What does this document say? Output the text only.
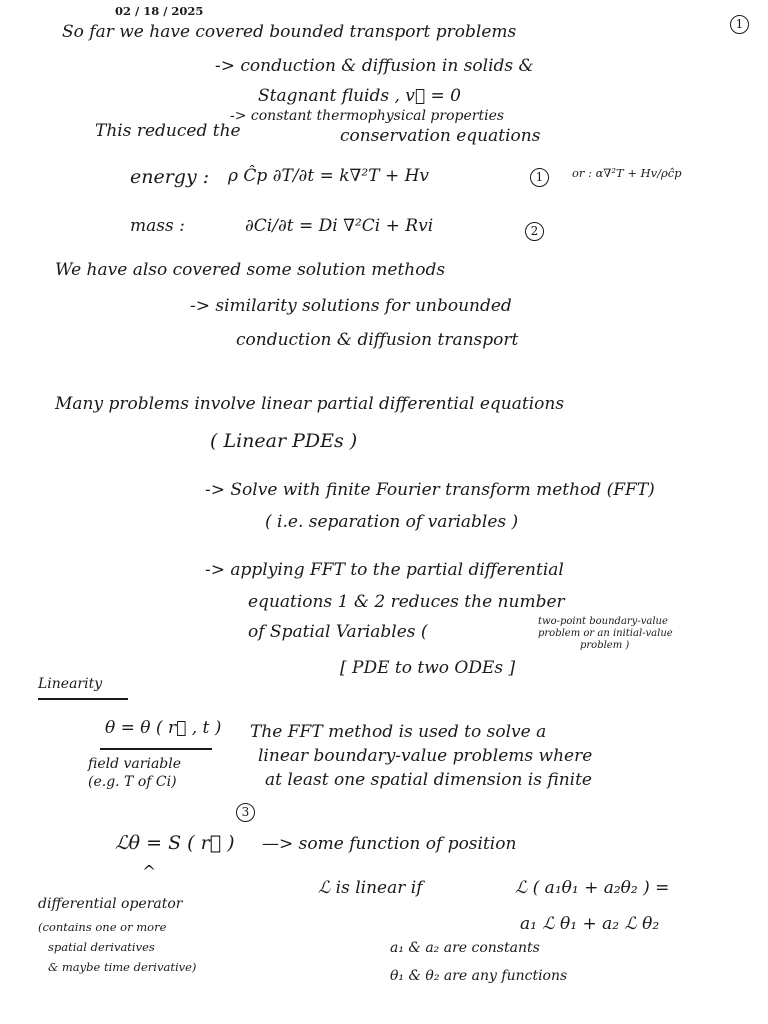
02 / 18 / 2025
1
So far we have covered bounded transport problems
-> conduction & diffusion in solids &
Stagnant fluids , v⃗ = 0
-> constant thermophysical properties
This reduced the	conservation equations
energy : ρ Ĉp ∂T/∂t = k∇²T + Hv	1	or : α∇²T + Hv/ρĉp
mass :	∂Ci/∂t = Di ∇²Ci + Rvi	2
We have also covered some solution methods
-> similarity solutions for unbounded
conduction & diffusion transport
Many problems involve linear partial differential equations
( Linear PDEs )
-> Solve with finite Fourier transform method (FFT)
( i.e. separation of variables )
-> applying FFT to the partial differential
equations 1 & 2 reduces the number
of Spatial Variables (
two-point boundary-value
problem or an initial-value
problem )
[ PDE to two ODEs ]
Linearity
θ = θ ( r⃗ , t )
field variable
(e.g. T of Ci)
The FFT method is used to solve a
linear boundary-value problems where
at least one spatial dimension is finite
3
ℒθ = S ( r⃗ ) —> some function of position
^
differential operator
(contains one or more
spatial derivatives
& maybe time derivative)
ℒ is linear if	ℒ ( a₁θ₁ + a₂θ₂ ) =
a₁ ℒ θ₁ + a₂ ℒ θ₂
a₁ & a₂ are constants
θ₁ & θ₂ are any functions
